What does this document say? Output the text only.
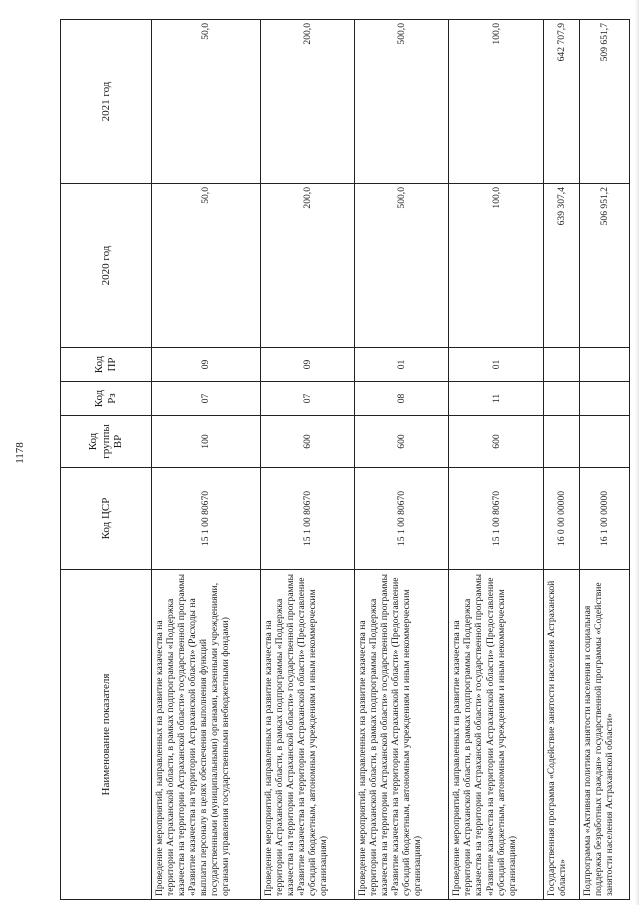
1178
Наименование показателя	Код ЦСР	Код группы ВР	Код Рз	Код ПР	2020 год	2021 год
Проведение мероприятий, направленных на развитие казачества на территории Астраханской области, в рамках подпрограммы «Поддержка казачества на территории Астраханской области» государственной программы «Развитие казачества на территории Астраханской области» (Расходы на выплаты персоналу в целях обеспечения выполнения функций государственными (муниципальными) органами, казенными учреждениями, органами управления государственными внебюджетными фондами)	15 1 00 80670	100	07	09	50,0	50,0
Проведение мероприятий, направленных на развитие казачества на территории Астраханской области, в рамках подпрограммы «Поддержка казачества на территории Астраханской области» государственной программы «Развитие казачества на территории Астраханской области» (Предоставление субсидий бюджетным, автономным учреждениям и иным некоммерческим организациям)	15 1 00 80670	600	07	09	200,0	200,0
Проведение мероприятий, направленных на развитие казачества на территории Астраханской области, в рамках подпрограммы «Поддержка казачества на территории Астраханской области» государственной программы «Развитие казачества на территории Астраханской области» (Предоставление субсидий бюджетным, автономным учреждениям и иным некоммерческим организациям)	15 1 00 80670	600	08	01	500,0	500,0
Проведение мероприятий, направленных на развитие казачества на территории Астраханской области, в рамках подпрограммы «Поддержка казачества на территории Астраханской области» государственной программы «Развитие казачества на территории Астраханской области» (Предоставление субсидий бюджетным, автономным учреждениям и иным некоммерческим организациям)	15 1 00 80670	600	11	01	100,0	100,0
Государственная программа «Содействие занятости населения Астраханской области»	16 0 00 00000				639 307,4	642 707,9
Подпрограмма «Активная политика занятости населения и социальная поддержка безработных граждан» государственной программы «Содействие занятости населения Астраханской области»	16 1 00 00000				506 951,2	509 651,7
